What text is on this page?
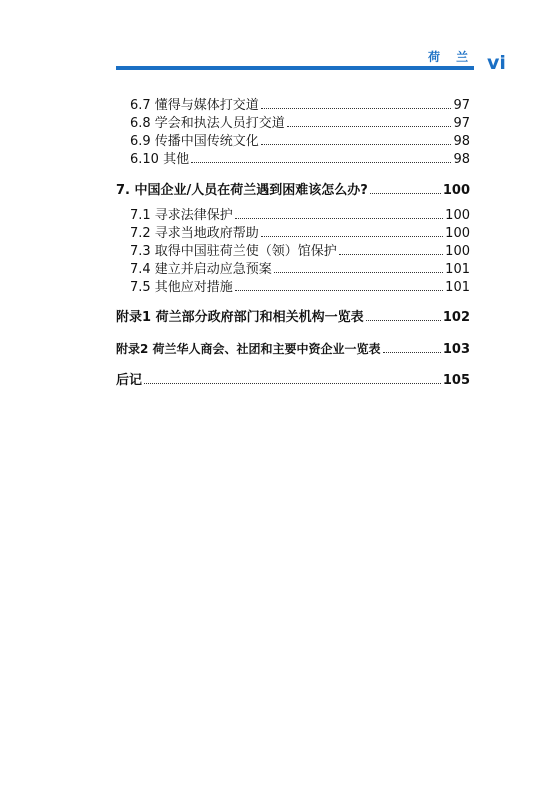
荷 兰 vi
6.7 懂得与媒体打交道	97
6.8 学会和执法人员打交道	97
6.9 传播中国传统文化	98
6.10 其他	98
7. 中国企业/人员在荷兰遇到困难该怎么办?	100
7.1 寻求法律保护	100
7.2 寻求当地政府帮助	100
7.3 取得中国驻荷兰使（领）馆保护	100
7.4 建立并启动应急预案	101
7.5 其他应对措施	101
附录1 荷兰部分政府部门和相关机构一览表	102
附录2 荷兰华人商会、社团和主要中资企业一览表	103
后记	105
